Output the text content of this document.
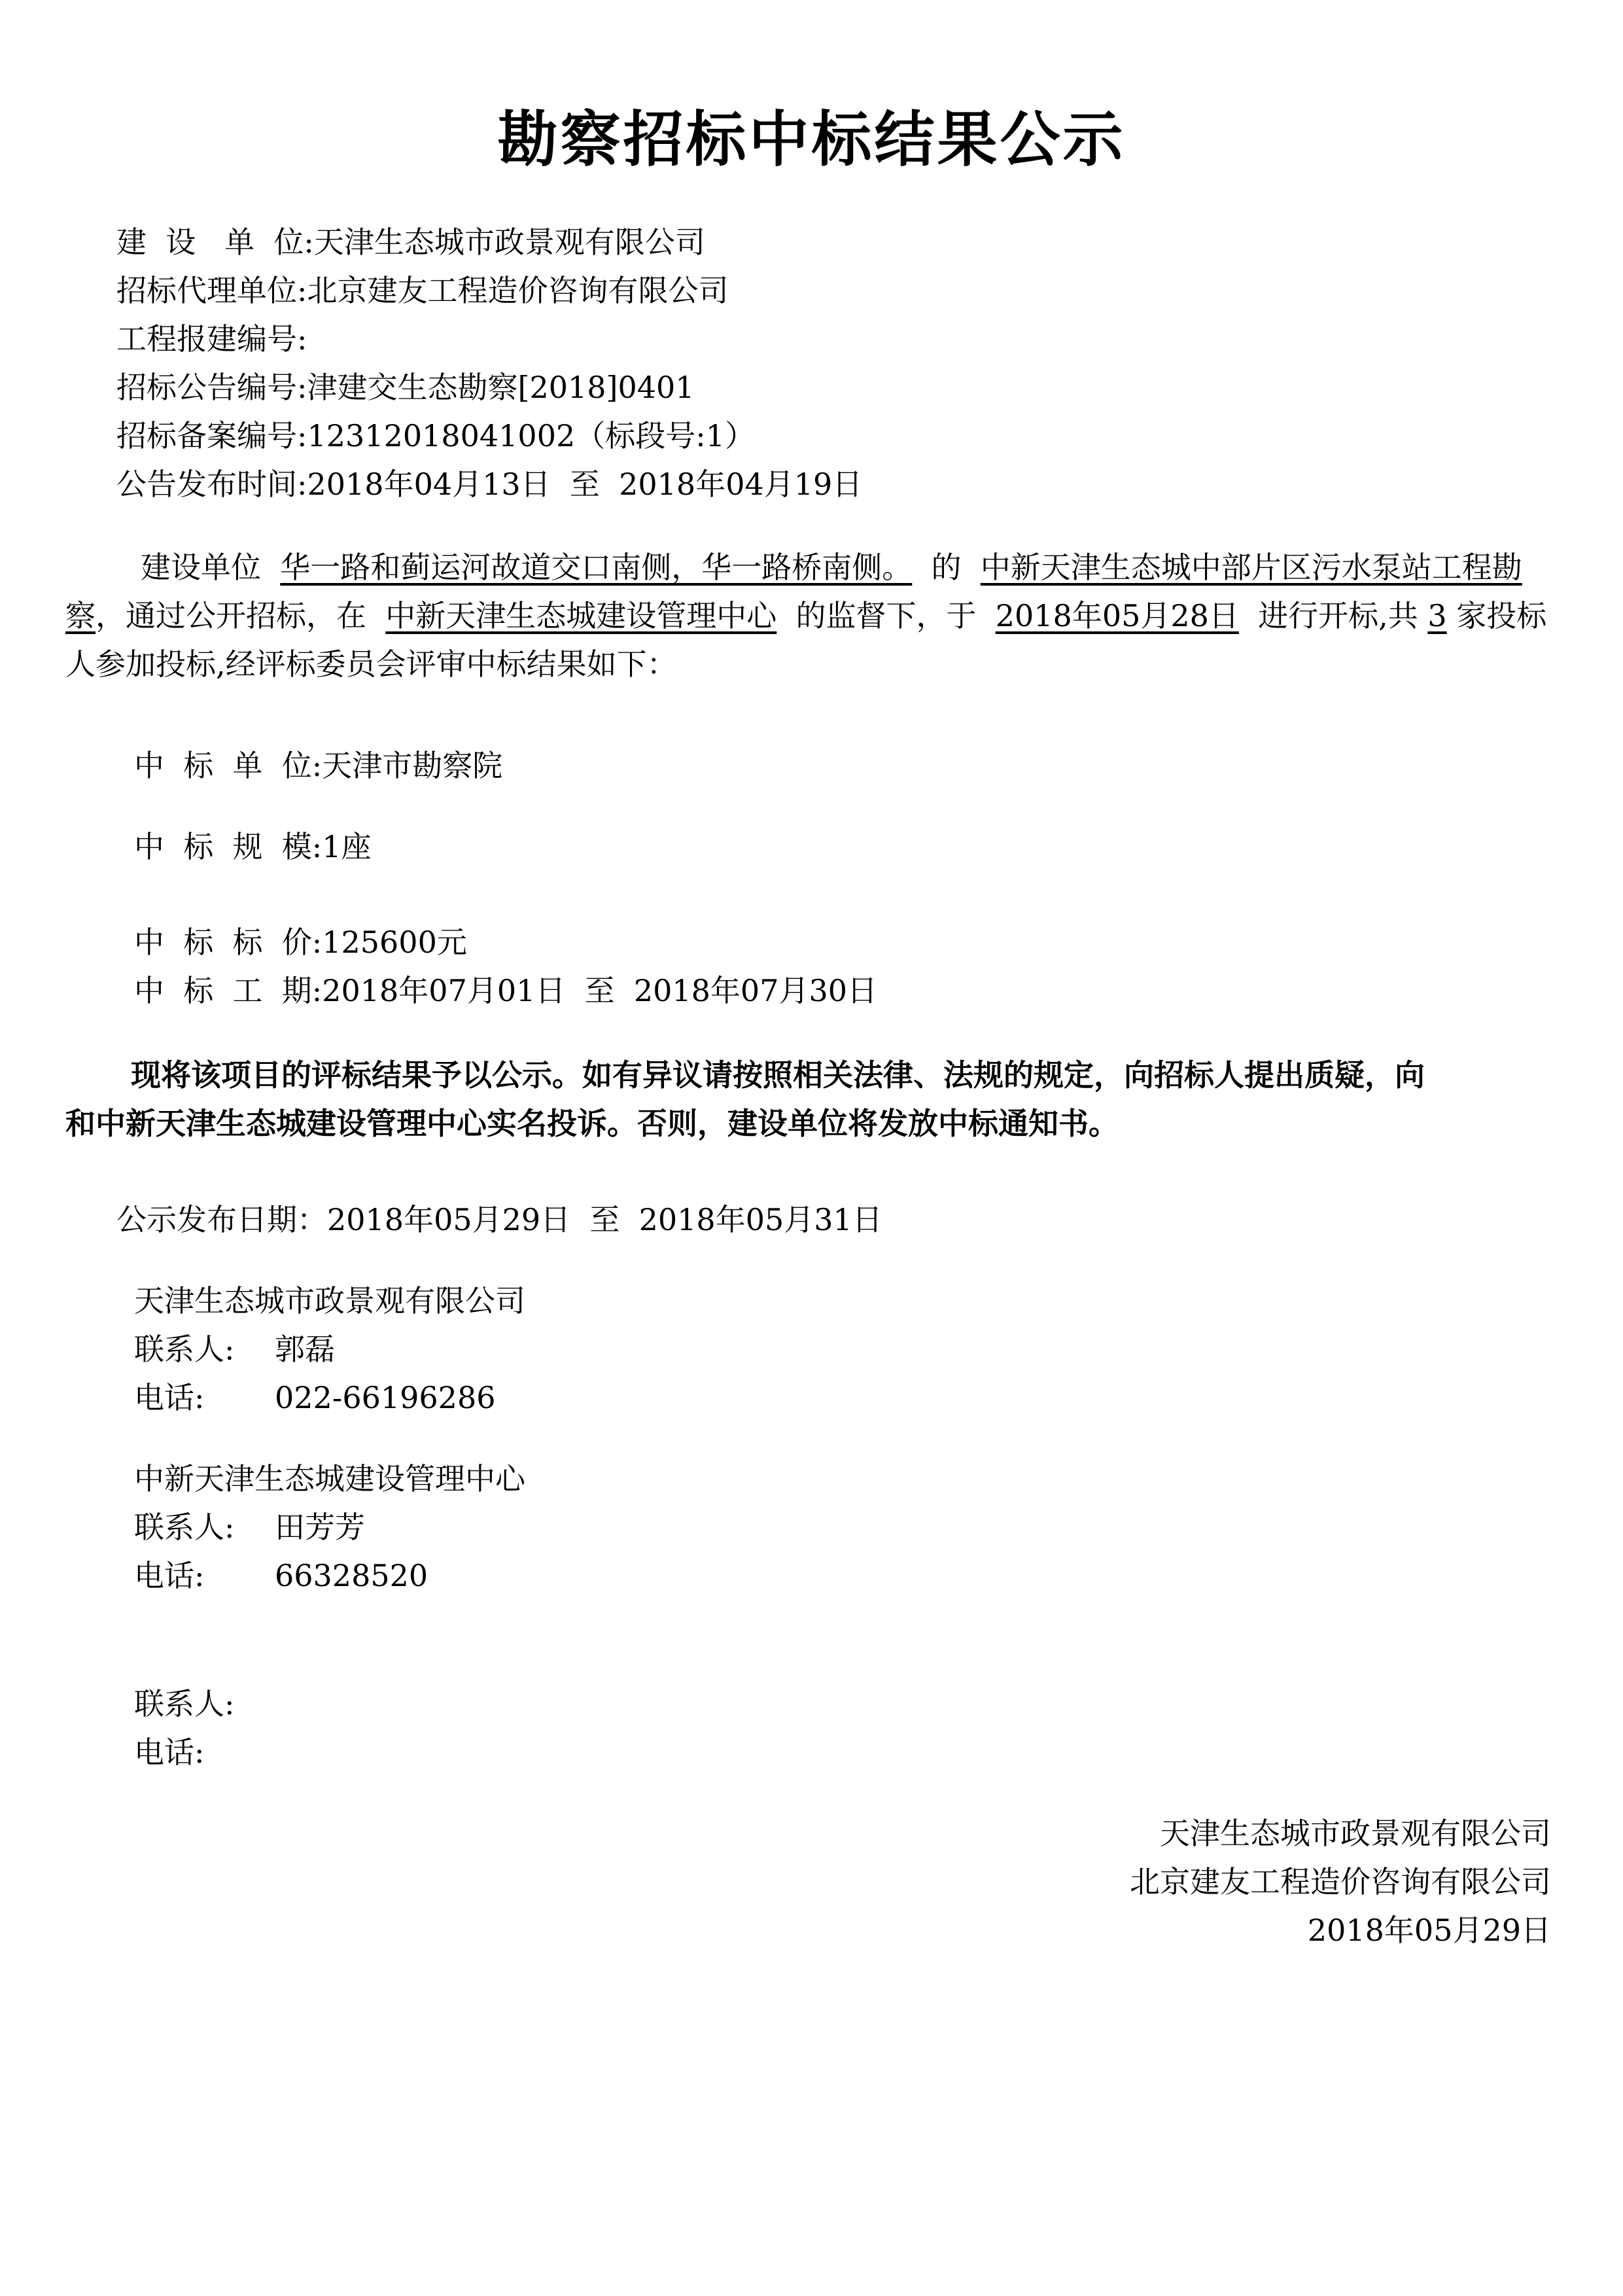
勘察招标中标结果公示
建  设   单  位:天津生态城市政景观有限公司
招标代理单位:北京建友工程造价咨询有限公司
工程报建编号:
招标公告编号:津建交生态勘察[2018]0401
招标备案编号:12312018041002（标段号:1）
公告发布时间:2018年04月13日  至  2018年04月19日
建设单位 华一路和蓟运河故道交口南侧，华一路桥南侧。 的 中新天津生态城中部片区污水泵站工程勘察，通过公开招标，在 中新天津生态城建设管理中心 的监督下，于 2018年05月28日 进行开标,共 3 家投标人参加投标,经评标委员会评审中标结果如下：
中  标  单  位:天津市勘察院
中  标  规  模:1座
中  标  标  价:125600元
中  标  工  期:2018年07月01日  至  2018年07月30日
现将该项目的评标结果予以公示。如有异议请按照相关法律、法规的规定，向招标人提出质疑，向和中新天津生态城建设管理中心实名投诉。否则，建设单位将发放中标通知书。
公示发布日期：2018年05月29日  至  2018年05月31日
天津生态城市政景观有限公司
联系人: 郭磊
电话: 022-66196286
中新天津生态城建设管理中心
联系人: 田芳芳
电话: 66328520
联系人:
电话:
天津生态城市政景观有限公司
北京建友工程造价咨询有限公司
2018年05月29日
